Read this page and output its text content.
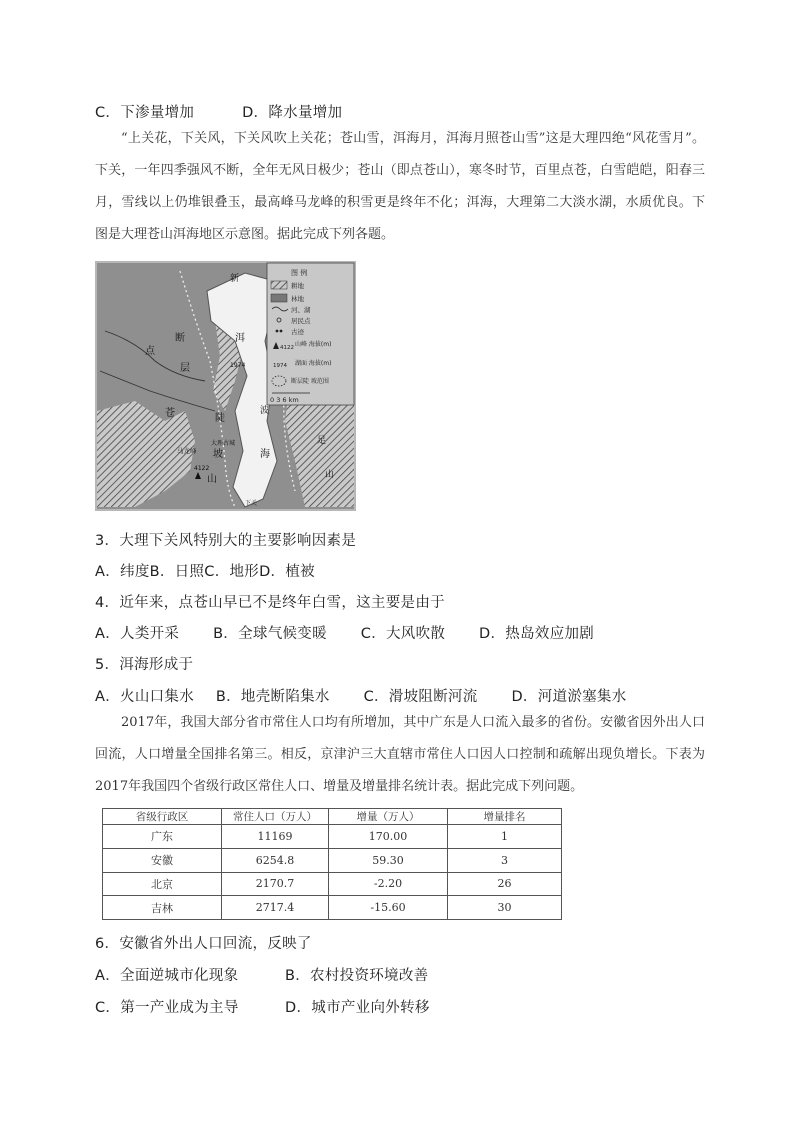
C．下渗量增加	D．降水量增加
“上关花，下关风，下关风吹上关花；苍山雪，洱海月，洱海月照苍山雪”这是大理四绝“风花雪月”。下关，一年四季强风不断，全年无风日极少；苍山（即点苍山），寒冬时节，百里点苍，白雪皑皑，阳春三月，雪线以上仍堆银叠玉，最高峰马龙峰的积雪更是终年不化；洱海，大理第二大淡水湖，水质优良。下图是大理苍山洱海地区示意图。据此完成下列各题。
图 例
耕地
林地
河、湖
居民点
古迹
4122 山峰 海拔(m)
1974 湖面 海拔(m)
断层陡 坡范围
0 3 6 km
断
层
点
苍
洱
海
山
陡
坡
新
波
足
山
1974
马龙峰
4122
大理古城
下关
3．大理下关风特别大的主要影响因素是
A．纬度B．日照C．地形D．植被
4．近年来，点苍山早已不是终年白雪，这主要是由于
A．人类开采 B．全球气候变暖 C．大风吹散 D．热岛效应加剧
5．洱海形成于
A．火山口集水 B．地壳断陷集水 C．滑坡阻断河流 D．河道淤塞集水
2017年，我国大部分省市常住人口均有所增加，其中广东是人口流入最多的省份。安徽省因外出人口回流，人口增量全国排名第三。相反，京津沪三大直辖市常住人口因人口控制和疏解出现负增长。下表为2017年我国四个省级行政区常住人口、增量及增量排名统计表。据此完成下列问题。
省级行政区	常住人口（万人）	增量（万人）	增量排名
广东	11169	170.00	1
安徽	6254.8	59.30	3
北京	2170.7	-2.20	26
吉林	2717.4	-15.60	30
6．安徽省外出人口回流，反映了
A．全面逆城市化现象	B．农村投资环境改善
C．第一产业成为主导	D．城市产业向外转移
